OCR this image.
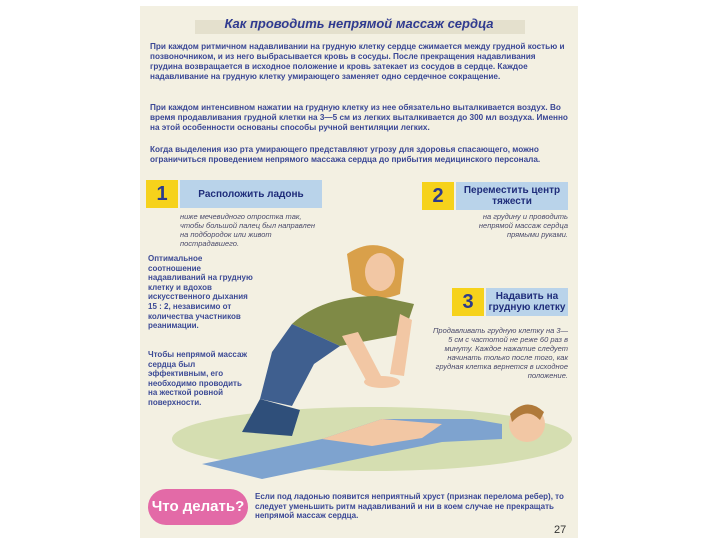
Как проводить непрямой массаж сердца

При каждом ритмичном надавливании на грудную клетку сердце сжимается между грудной костью и позвоночником, и из него выбрасывается кровь в сосуды. После прекращения надавливания грудина возвращается в исходное положение и кровь затекает из сосудов в сердце. Каждое надавливание на грудную клетку умирающего заменяет одно сердечное сокращение.

При каждом интенсивном нажатии на грудную клетку из нее обязательно выталкивается воздух. Во время продавливания грудной клетки на 3—5 см из легких выталкивается до 300 мл воздуха. Именно на этой особенности основаны способы ручной вентиляции легких.

Когда выделения изо рта умирающего представляют угрозу для здоровья спасающего, можно ограничиться проведением непрямого массажа сердца до прибытия медицинского персонала.

1	Расположить ладонь

ниже мечевидного отростка так, чтобы большой палец был направлен на подбородок или живот пострадавшего.

2	Переместить центр тяжести

на грудину и проводить непрямой массаж сердца прямыми руками.

3	Надавить на грудную клетку

Продавливать грудную клетку на 3—5 см с частотой не реже 60 раз в минуту. Каждое нажатие следует начинать только после того, как грудная клетка вернется в исходное положение.

Оптимальное соотношение надавливаний на грудную клетку и вдохов искусственного дыхания 15 : 2, независимо от количества участников реанимации.

Чтобы непрямой массаж сердца был эффективным, его необходимо проводить на жесткой ровной поверхности.

Что делать?

Если под ладонью появится неприятный хруст (признак перелома ребер), то следует уменьшить ритм надавливаний и ни в коем случае не прекращать непрямой массаж сердца.

27
